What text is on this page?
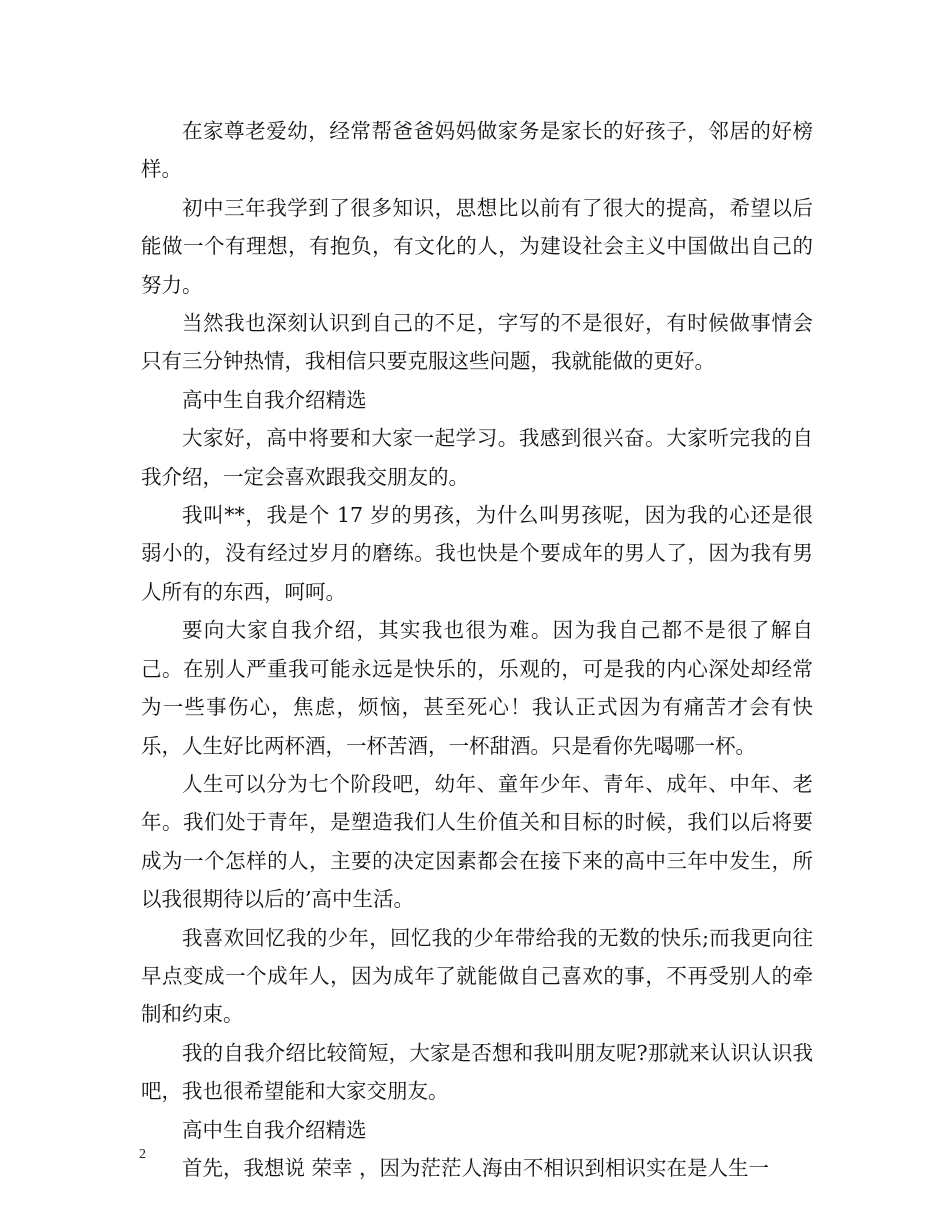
在家尊老爱幼，经常帮爸爸妈妈做家务是家长的好孩子，邻居的好榜样。

初中三年我学到了很多知识，思想比以前有了很大的提高，希望以后能做一个有理想，有抱负，有文化的人，为建设社会主义中国做出自己的努力。

当然我也深刻认识到自己的不足，字写的不是很好，有时候做事情会只有三分钟热情，我相信只要克服这些问题，我就能做的更好。

高中生自我介绍精选

大家好，高中将要和大家一起学习。我感到很兴奋。大家听完我的自我介绍，一定会喜欢跟我交朋友的。

我叫**，我是个 17 岁的男孩，为什么叫男孩呢，因为我的心还是很弱小的，没有经过岁月的磨练。我也快是个要成年的男人了，因为我有男人所有的东西，呵呵。

要向大家自我介绍，其实我也很为难。因为我自己都不是很了解自己。在别人严重我可能永远是快乐的，乐观的，可是我的内心深处却经常为一些事伤心，焦虑，烦恼，甚至死心！我认正式因为有痛苦才会有快乐，人生好比两杯酒，一杯苦酒，一杯甜酒。只是看你先喝哪一杯。

人生可以分为七个阶段吧，幼年、童年少年、青年、成年、中年、老年。我们处于青年，是塑造我们人生价值关和目标的时候，我们以后将要成为一个怎样的人，主要的决定因素都会在接下来的高中三年中发生，所以我很期待以后的’高中生活。

我喜欢回忆我的少年，回忆我的少年带给我的无数的快乐;而我更向往早点变成一个成年人，因为成年了就能做自己喜欢的事，不再受别人的牵制和约束。

我的自我介绍比较简短，大家是否想和我叫朋友呢?那就来认识认识我吧，我也很希望能和大家交朋友。

高中生自我介绍精选

首先，我想说 荣幸 ，因为茫茫人海由不相识到相识实在是人生一

2
